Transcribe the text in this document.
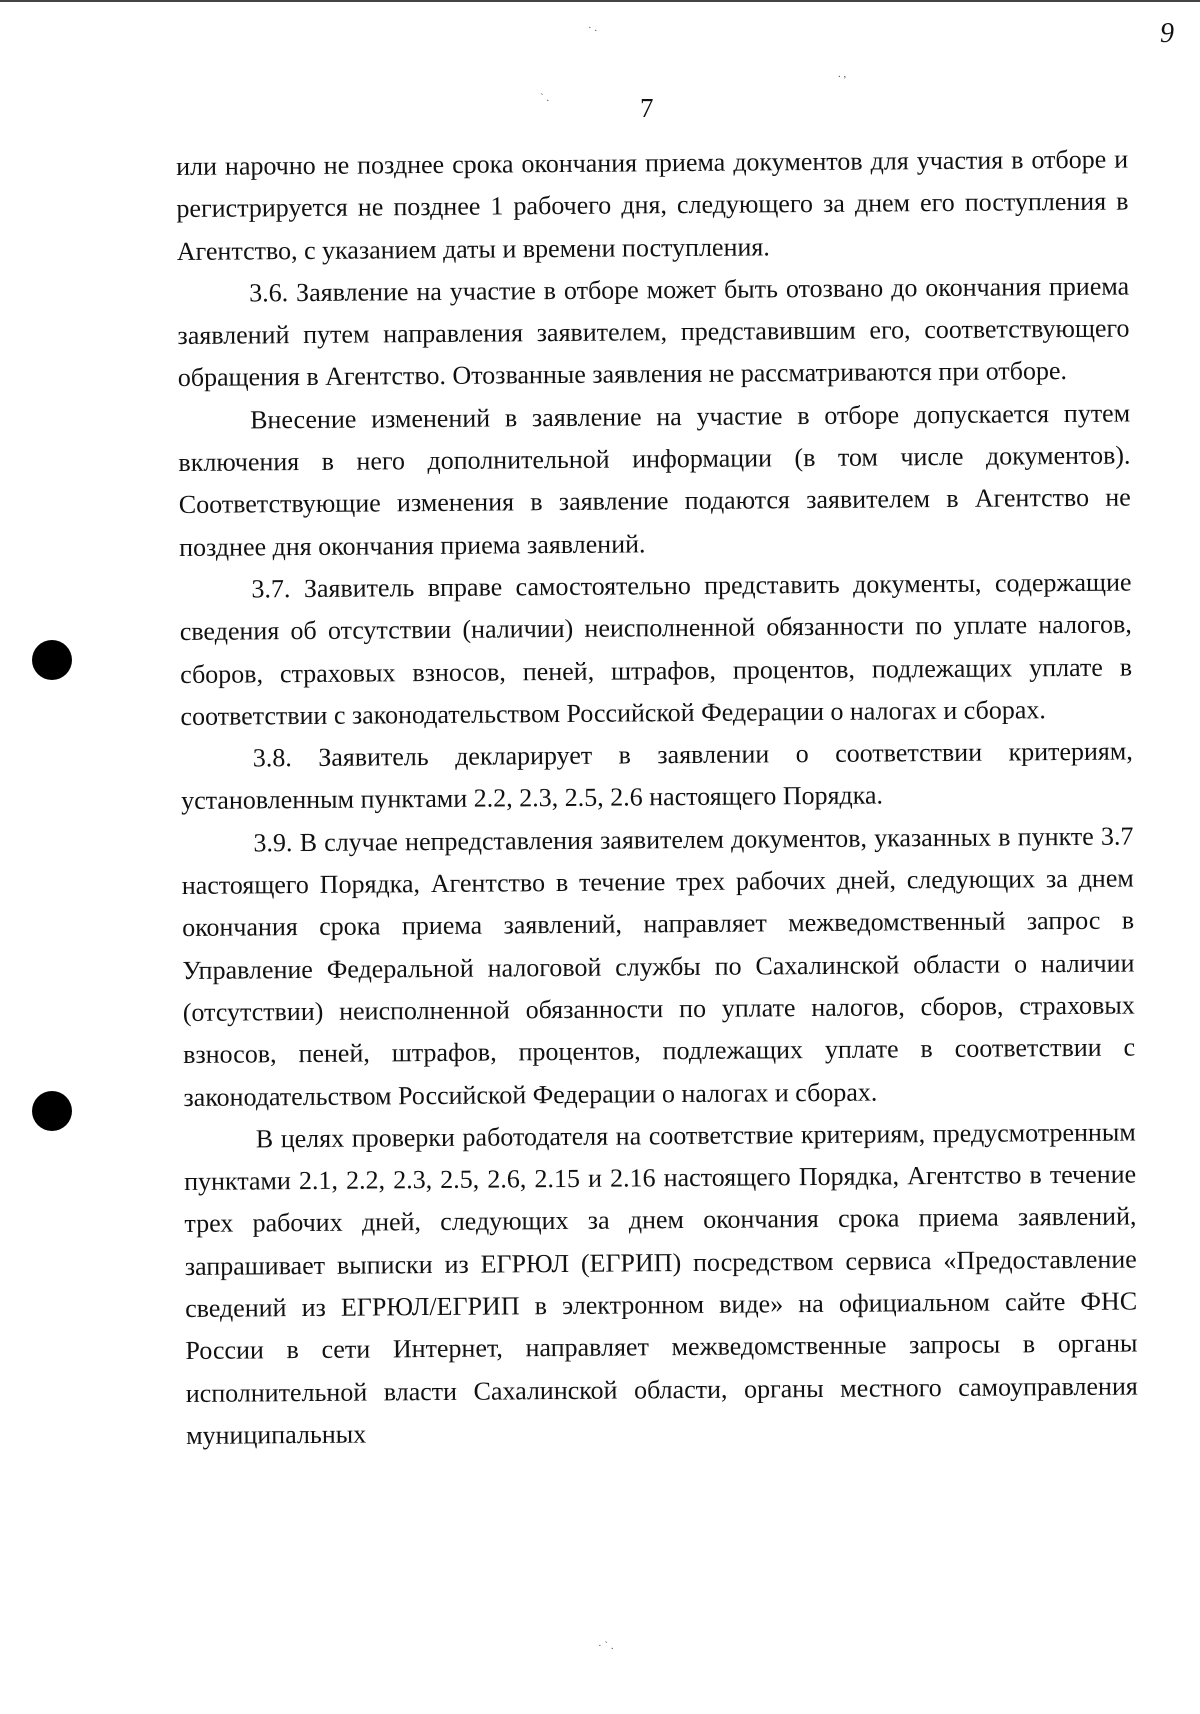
7
9
· .
` .
. ,
· ` .

или нарочно не позднее срока окончания приема документов для участия в отборе и регистрируется не позднее 1 рабочего дня, следующего за днем его поступления в Агентство, с указанием даты и времени поступления.

3.6. Заявление на участие в отборе может быть отозвано до окончания приема заявлений путем направления заявителем, представившим его, соответствующего обращения в Агентство. Отозванные заявления не рассматриваются при отборе.

Внесение изменений в заявление на участие в отборе допускается путем включения в него дополнительной информации (в том числе документов). Соответствующие изменения в заявление подаются заявителем в Агентство не позднее дня окончания приема заявлений.

3.7. Заявитель вправе самостоятельно представить документы, содержащие сведения об отсутствии (наличии) неисполненной обязанности по уплате налогов, сборов, страховых взносов, пеней, штрафов, процентов, подлежащих уплате в соответствии с законодательством Российской Федерации о налогах и сборах.

3.8. Заявитель декларирует в заявлении о соответствии критериям, установленным пунктами 2.2, 2.3, 2.5, 2.6 настоящего Порядка.

3.9. В случае непредставления заявителем документов, указанных в пункте 3.7 настоящего Порядка, Агентство в течение трех рабочих дней, следующих за днем окончания срока приема заявлений, направляет межведомственный запрос в Управление Федеральной налоговой службы по Сахалинской области о наличии (отсутствии) неисполненной обязанности по уплате налогов, сборов, страховых взносов, пеней, штрафов, процентов, подлежащих уплате в соответствии с законодательством Российской Федерации о налогах и сборах.

В целях проверки работодателя на соответствие критериям, предусмотренным пунктами 2.1, 2.2, 2.3, 2.5, 2.6, 2.15 и 2.16 настоящего Порядка, Агентство в течение трех рабочих дней, следующих за днем окончания срока приема заявлений, запрашивает выписки из ЕГРЮЛ (ЕГРИП) посредством сервиса «Предоставление сведений из ЕГРЮЛ/ЕГРИП в электронном виде» на официальном сайте ФНС России в сети Интернет, направляет межведомственные запросы в органы исполнительной власти Сахалинской области, органы местного самоуправления муниципальных
